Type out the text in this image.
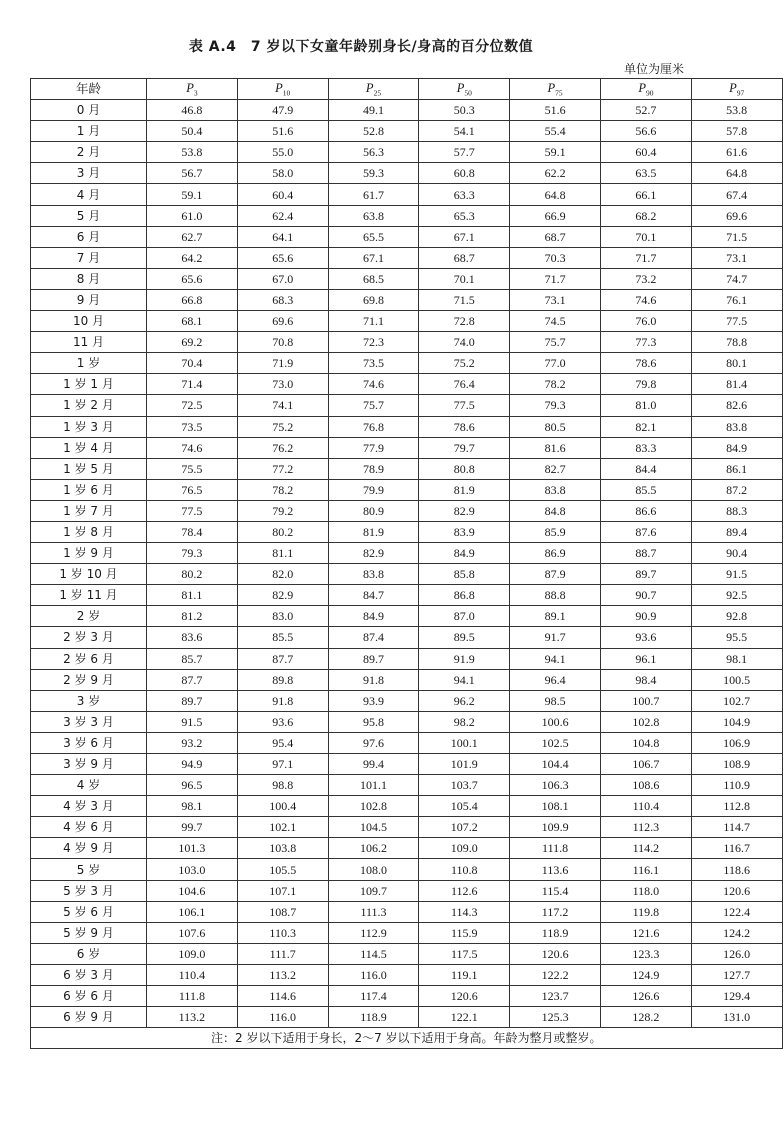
表 A.4　7 岁以下女童年龄别身长/身高的百分位数值
单位为厘米
年龄	$P_3$	$P_{10}$	$P_{25}$	$P_{50}$	$P_{75}$	$P_{90}$	$P_{97}$
0 月	46.8	47.9	49.1	50.3	51.6	52.7	53.8
1 月	50.4	51.6	52.8	54.1	55.4	56.6	57.8
2 月	53.8	55.0	56.3	57.7	59.1	60.4	61.6
3 月	56.7	58.0	59.3	60.8	62.2	63.5	64.8
4 月	59.1	60.4	61.7	63.3	64.8	66.1	67.4
5 月	61.0	62.4	63.8	65.3	66.9	68.2	69.6
6 月	62.7	64.1	65.5	67.1	68.7	70.1	71.5
7 月	64.2	65.6	67.1	68.7	70.3	71.7	73.1
8 月	65.6	67.0	68.5	70.1	71.7	73.2	74.7
9 月	66.8	68.3	69.8	71.5	73.1	74.6	76.1
10 月	68.1	69.6	71.1	72.8	74.5	76.0	77.5
11 月	69.2	70.8	72.3	74.0	75.7	77.3	78.8
1 岁	70.4	71.9	73.5	75.2	77.0	78.6	80.1
1 岁 1 月	71.4	73.0	74.6	76.4	78.2	79.8	81.4
1 岁 2 月	72.5	74.1	75.7	77.5	79.3	81.0	82.6
1 岁 3 月	73.5	75.2	76.8	78.6	80.5	82.1	83.8
1 岁 4 月	74.6	76.2	77.9	79.7	81.6	83.3	84.9
1 岁 5 月	75.5	77.2	78.9	80.8	82.7	84.4	86.1
1 岁 6 月	76.5	78.2	79.9	81.9	83.8	85.5	87.2
1 岁 7 月	77.5	79.2	80.9	82.9	84.8	86.6	88.3
1 岁 8 月	78.4	80.2	81.9	83.9	85.9	87.6	89.4
1 岁 9 月	79.3	81.1	82.9	84.9	86.9	88.7	90.4
1 岁 10 月	80.2	82.0	83.8	85.8	87.9	89.7	91.5
1 岁 11 月	81.1	82.9	84.7	86.8	88.8	90.7	92.5
2 岁	81.2	83.0	84.9	87.0	89.1	90.9	92.8
2 岁 3 月	83.6	85.5	87.4	89.5	91.7	93.6	95.5
2 岁 6 月	85.7	87.7	89.7	91.9	94.1	96.1	98.1
2 岁 9 月	87.7	89.8	91.8	94.1	96.4	98.4	100.5
3 岁	89.7	91.8	93.9	96.2	98.5	100.7	102.7
3 岁 3 月	91.5	93.6	95.8	98.2	100.6	102.8	104.9
3 岁 6 月	93.2	95.4	97.6	100.1	102.5	104.8	106.9
3 岁 9 月	94.9	97.1	99.4	101.9	104.4	106.7	108.9
4 岁	96.5	98.8	101.1	103.7	106.3	108.6	110.9
4 岁 3 月	98.1	100.4	102.8	105.4	108.1	110.4	112.8
4 岁 6 月	99.7	102.1	104.5	107.2	109.9	112.3	114.7
4 岁 9 月	101.3	103.8	106.2	109.0	111.8	114.2	116.7
5 岁	103.0	105.5	108.0	110.8	113.6	116.1	118.6
5 岁 3 月	104.6	107.1	109.7	112.6	115.4	118.0	120.6
5 岁 6 月	106.1	108.7	111.3	114.3	117.2	119.8	122.4
5 岁 9 月	107.6	110.3	112.9	115.9	118.9	121.6	124.2
6 岁	109.0	111.7	114.5	117.5	120.6	123.3	126.0
6 岁 3 月	110.4	113.2	116.0	119.1	122.2	124.9	127.7
6 岁 6 月	111.8	114.6	117.4	120.6	123.7	126.6	129.4
6 岁 9 月	113.2	116.0	118.9	122.1	125.3	128.2	131.0
注：2 岁以下适用于身长，2～7 岁以下适用于身高。年龄为整月或整岁。							
